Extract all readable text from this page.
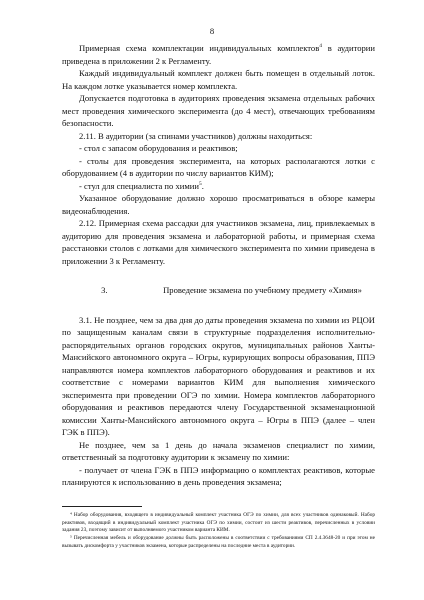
8

Примерная схема комплектации индивидуальных комплектов$^4$ в аудитории приведена в приложении 2 к Регламенту.

Каждый индивидуальный комплект должен быть помещен в отдельный лоток. На каждом лотке указывается номер комплекта.

Допускается подготовка в аудиториях проведения экзамена отдельных рабочих мест проведения химического эксперимента (до 4 мест), отвечающих требованиям безопасности.

2.11. В аудитории (за спинами участников) должны находиться:

- стол с запасом оборудования и реактивов;

- столы для проведения эксперимента, на которых располагаются лотки с оборудованием (4 в аудитории по числу вариантов КИМ);

- стул для специалиста по химии$^5$.

Указанное оборудование должно хорошо просматриваться в обзоре камеры видеонаблюдения.

2.12. Примерная схема рассадки для участников экзамена, лиц, привлекаемых в аудиторию для проведения экзамена и лабораторной работы, и примерная схема расстановки столов с лотками для химического эксперимента по химии приведена в приложении 3 к Регламенту.

3.	Проведение экзамена по учебному предмету «Химия»

3.1. Не позднее, чем за два дня до даты проведения экзамена по химии из РЦОИ по защищенным каналам связи в структурные подразделения исполнительно-распорядительных органов городских округов, муниципальных районов Ханты-Мансийского автономного округа – Югры, курирующих вопросы образования, ППЭ направляются номера комплектов лабораторного оборудования и реактивов и их соответствие с номерами вариантов КИМ для выполнения химического эксперимента при проведении ОГЭ по химии. Номера комплектов лабораторного оборудования и реактивов передаются члену Государственной экзаменационной комиссии Ханты-Мансийского автономного округа – Югры в ППЭ (далее – член ГЭК в ППЭ).

Не позднее, чем за 1 день до начала экзаменов специалист по химии, ответственный за подготовку аудитории к экзамену по химии:

- получает от члена ГЭК в ППЭ информацию о комплектах реактивов, которые планируются к использованию в день проведения экзамена;

⁴ Набор оборудования, входящего в индивидуальный комплект участника ОГЭ по химии, для всех участников одинаковый. Набор реактивов, входящий в индивидуальный комплект участника ОГЭ по химии, состоит из шести реактивов, перечисленных в условии задания 23, поэтому зависит от выполняемого участником варианта КИМ.

⁵ Перечисленная мебель и оборудование должны быть расположены в соответствии с требованиями СП 2.4.3648-20 и при этом не вызывать дискомфорта у участников экзамена, которые распределены на последние места в аудитории.
